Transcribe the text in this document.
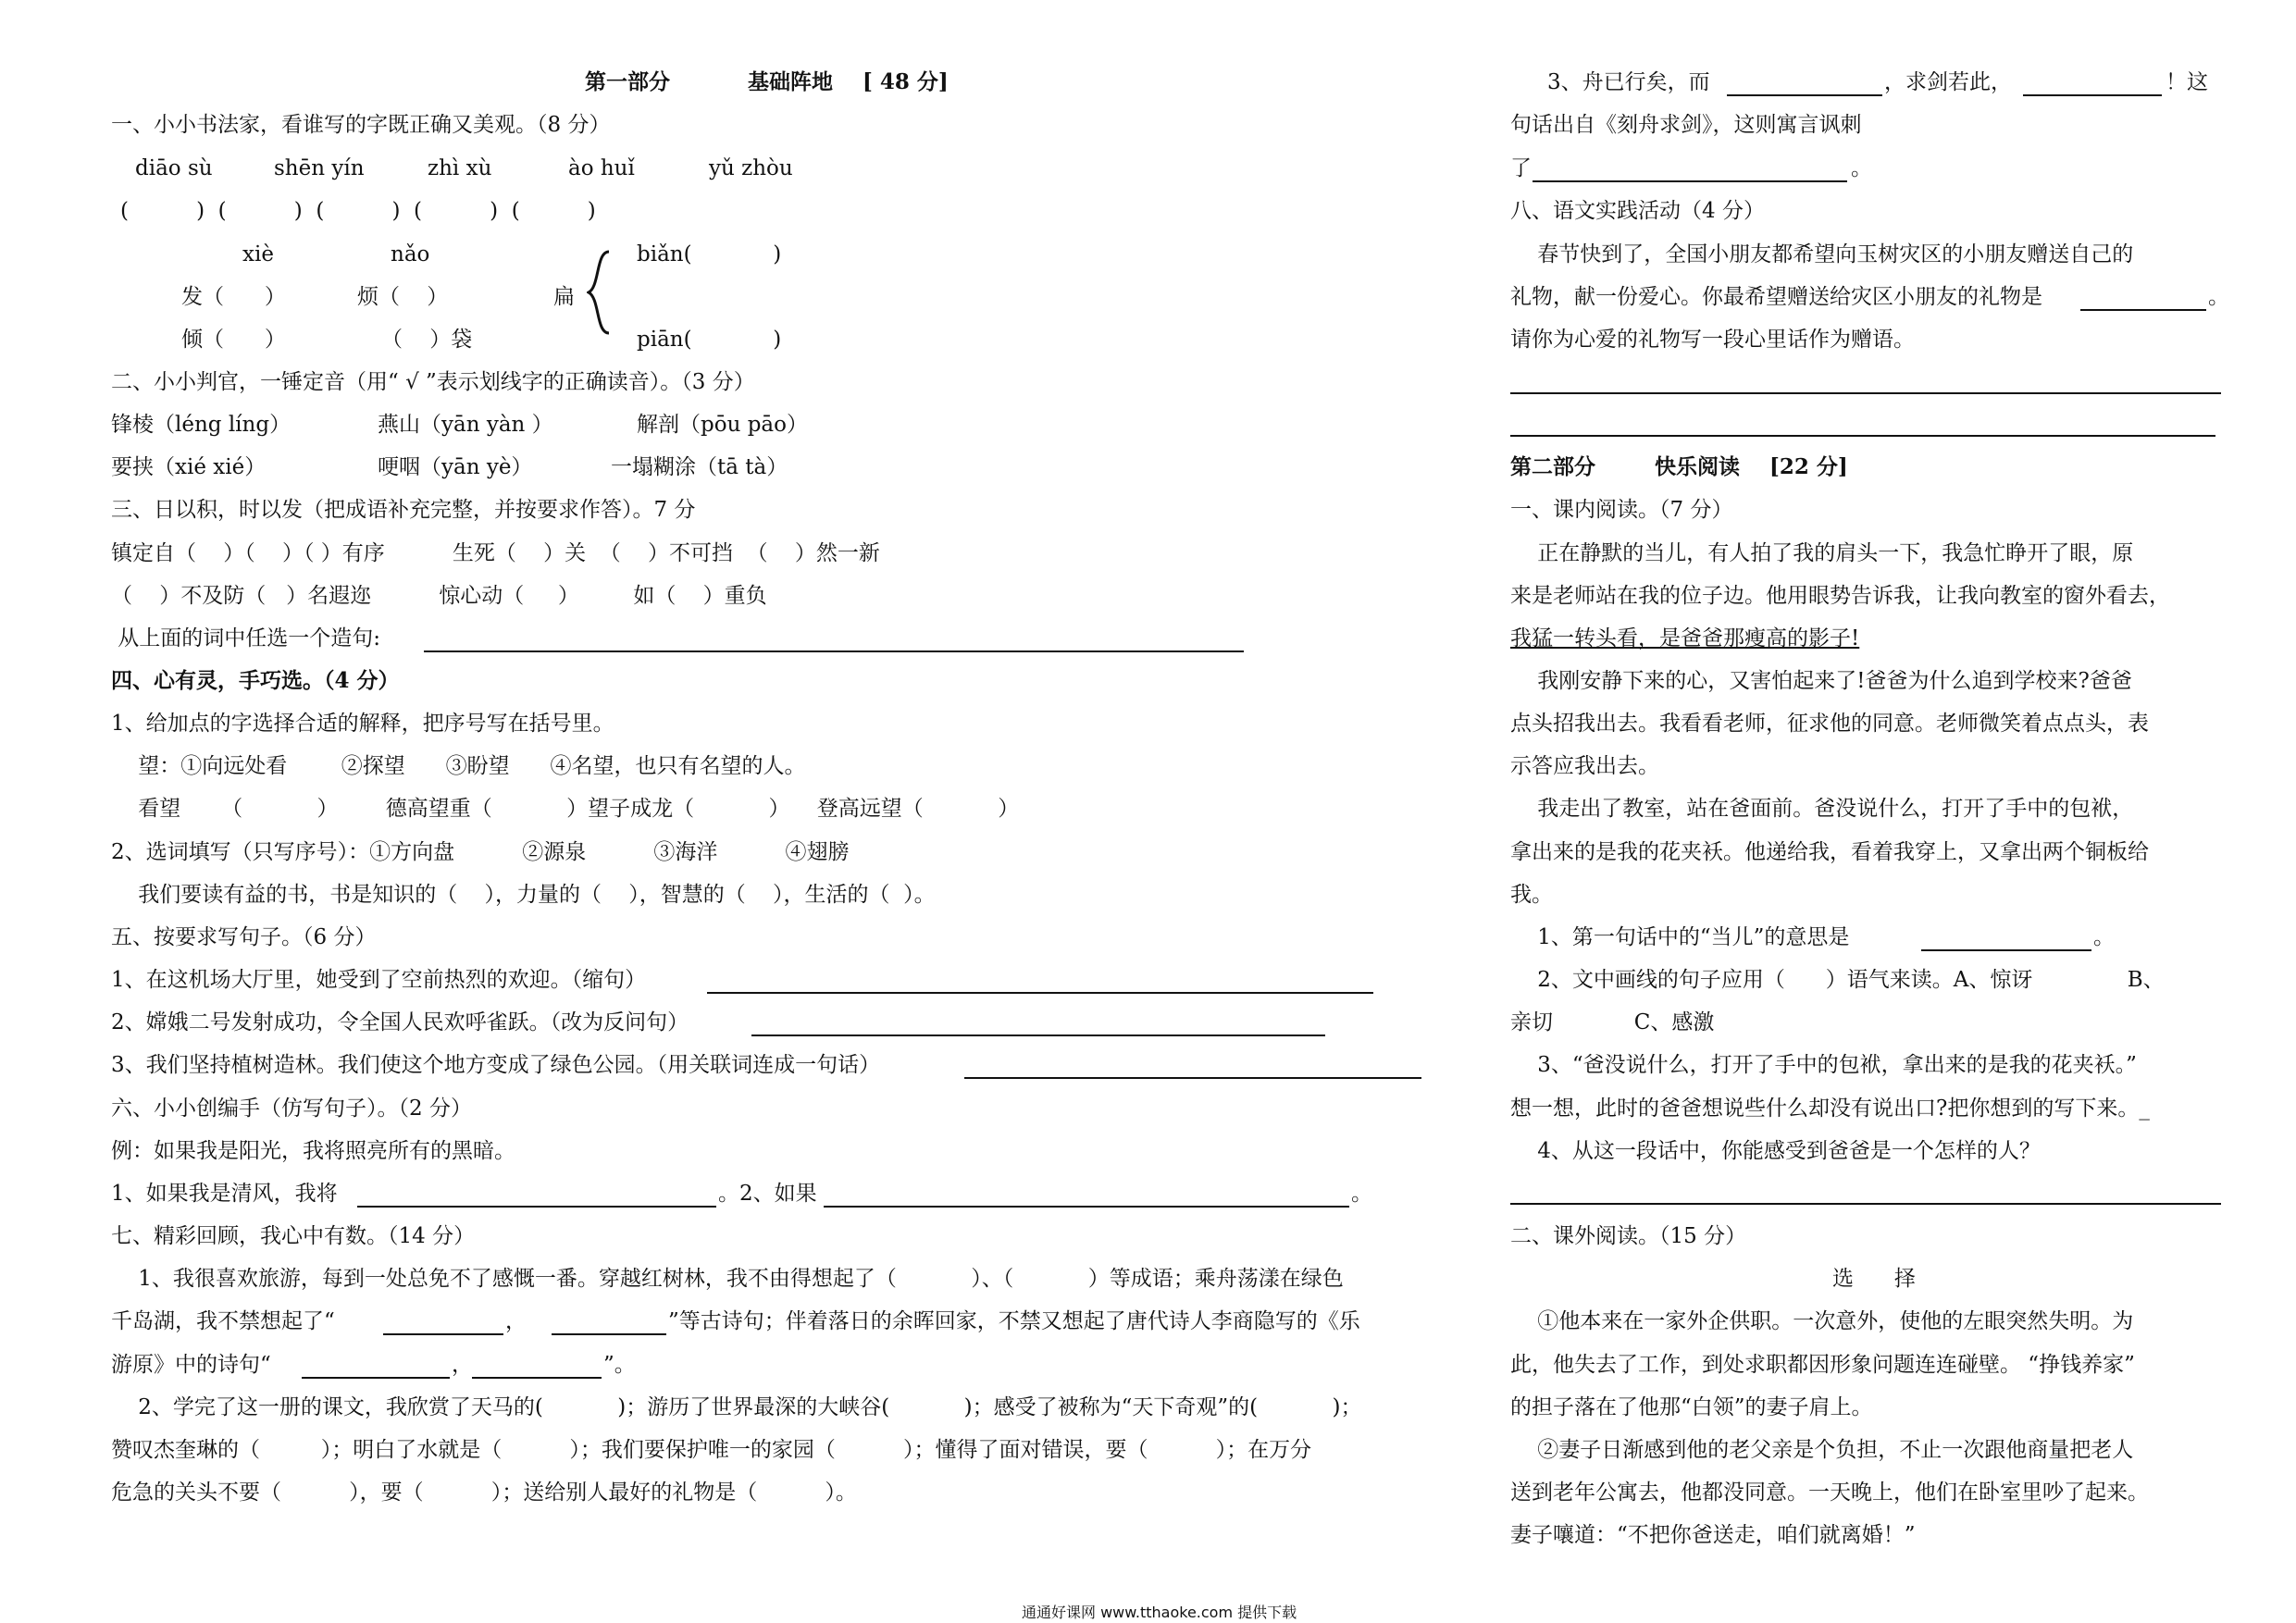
第一部分	基础阵地 [ 48 分]
一、小小书法家，看谁写的字既正确又美观。（8 分）
diāo sù	shēn yín	zhì xù	ào huǐ	yǔ zhòu
(          )  (          )  (          )  (          )  (          )
xiè	nǎo
发（      ）	烦（    ）
倾（      ）	（    ）袋
扁
biǎn(            )
piān(            )
二、小小判官，一锤定音（用“ √ ”表示划线字的正确读音）。（3 分）
锋棱（léng líng）	燕山（yān yàn ）	解剖（pōu pāo）
要挟（xié xié）	哽咽（yān yè）	一塌糊涂（tā tà）
三、日以积，时以发（把成语补充完整，并按要求作答）。7 分
镇定自（    ）（    ）（ ）有序          生死（    ）关  （    ）不可挡  （    ）然一新
（    ）不及防（   ）名遐迩          惊心动（     ）        如（    ）重负
从上面的词中任选一个造句:
四、心有灵，手巧选。（4 分）
1、给加点的字选择合适的解释，把序号写在括号里。
望：①向远处看        ②探望      ③盼望      ④名望，也只有名望的人。
看望      （           ）       德高望重（           ）望子成龙（           ）    登高远望（           ）
2、选词填写（只写序号）：①方向盘          ②源泉          ③海洋          ④翅膀
我们要读有益的书，书是知识的（    ），力量的（    ），智慧的（    ），生活的（  ）。
五、按要求写句子。（6 分）
1、在这机场大厅里，她受到了空前热烈的欢迎。（缩句）
2、嫦娥二号发射成功，令全国人民欢呼雀跃。（改为反问句）
3、我们坚持植树造林。我们使这个地方变成了绿色公园。（用关联词连成一句话）
六、小小创编手（仿写句子）。（2 分）
例：如果我是阳光，我将照亮所有的黑暗。
1、如果我是清风，我将	。2、如果	。
七、精彩回顾，我心中有数。（14 分）
1、我很喜欢旅游，每到一处总免不了感慨一番。穿越红树林，我不由得想起了（           ）、（           ）等成语；乘舟荡漾在绿色
千岛湖，我不禁想起了“	，	”等古诗句；伴着落日的余晖回家，不禁又想起了唐代诗人李商隐写的《乐
游原》中的诗句“	，	”。
2、学完了这一册的课文，我欣赏了天马的(           )；游历了世界最深的大峡谷(           )；感受了被称为“天下奇观”的(           )；
赞叹杰奎琳的（         ）；明白了水就是（          ）；我们要保护唯一的家园（          ）；懂得了面对错误，要（          ）；在万分
危急的关头不要（          ），要（          ）；送给别人最好的礼物是（          ）。
3、舟已行矣，而	，求剑若此，	！这
句话出自《刻舟求剑》，这则寓言讽刺
了	。
八、语文实践活动（4 分）
春节快到了，全国小朋友都希望向玉树灾区的小朋友赠送自己的
礼物，献一份爱心。你最希望赠送给灾区小朋友的礼物是	。
请你为心爱的礼物写一段心里话作为赠语。
第二部分	快乐阅读 [22 分]
一、课内阅读。（7 分）
正在静默的当儿，有人拍了我的肩头一下，我急忙睁开了眼，原
来是老师站在我的位子边。他用眼势告诉我，让我向教室的窗外看去，
我猛一转头看，是爸爸那瘦高的影子!
我刚安静下来的心，又害怕起来了!爸爸为什么追到学校来?爸爸
点头招我出去。我看看老师，征求他的同意。老师微笑着点点头，表
示答应我出去。
我走出了教室，站在爸面前。爸没说什么，打开了手中的包袱，
拿出来的是我的花夹袄。他递给我，看着我穿上，又拿出两个铜板给
我。
1、第一句话中的“当儿”的意思是	。
2、文中画线的句子应用（      ）语气来读。A、惊讶              B、
亲切            C、感激
3、“爸没说什么，打开了手中的包袱，拿出来的是我的花夹袄。”
想一想，此时的爸爸想说些什么却没有说出口?把你想到的写下来。_
4、从这一段话中，你能感受到爸爸是一个怎样的人？
二、课外阅读。（15 分）
选      择
①他本来在一家外企供职。一次意外，使他的左眼突然失明。为
此，他失去了工作，到处求职都因形象问题连连碰壁。 “挣钱养家”
的担子落在了他那“白领”的妻子肩上。
②妻子日渐感到他的老父亲是个负担，不止一次跟他商量把老人
送到老年公寓去，他都没同意。一天晚上，他们在卧室里吵了起来。
妻子嚷道：“不把你爸送走，咱们就离婚！”
通通好课网 www.tthaoke.com 提供下载
